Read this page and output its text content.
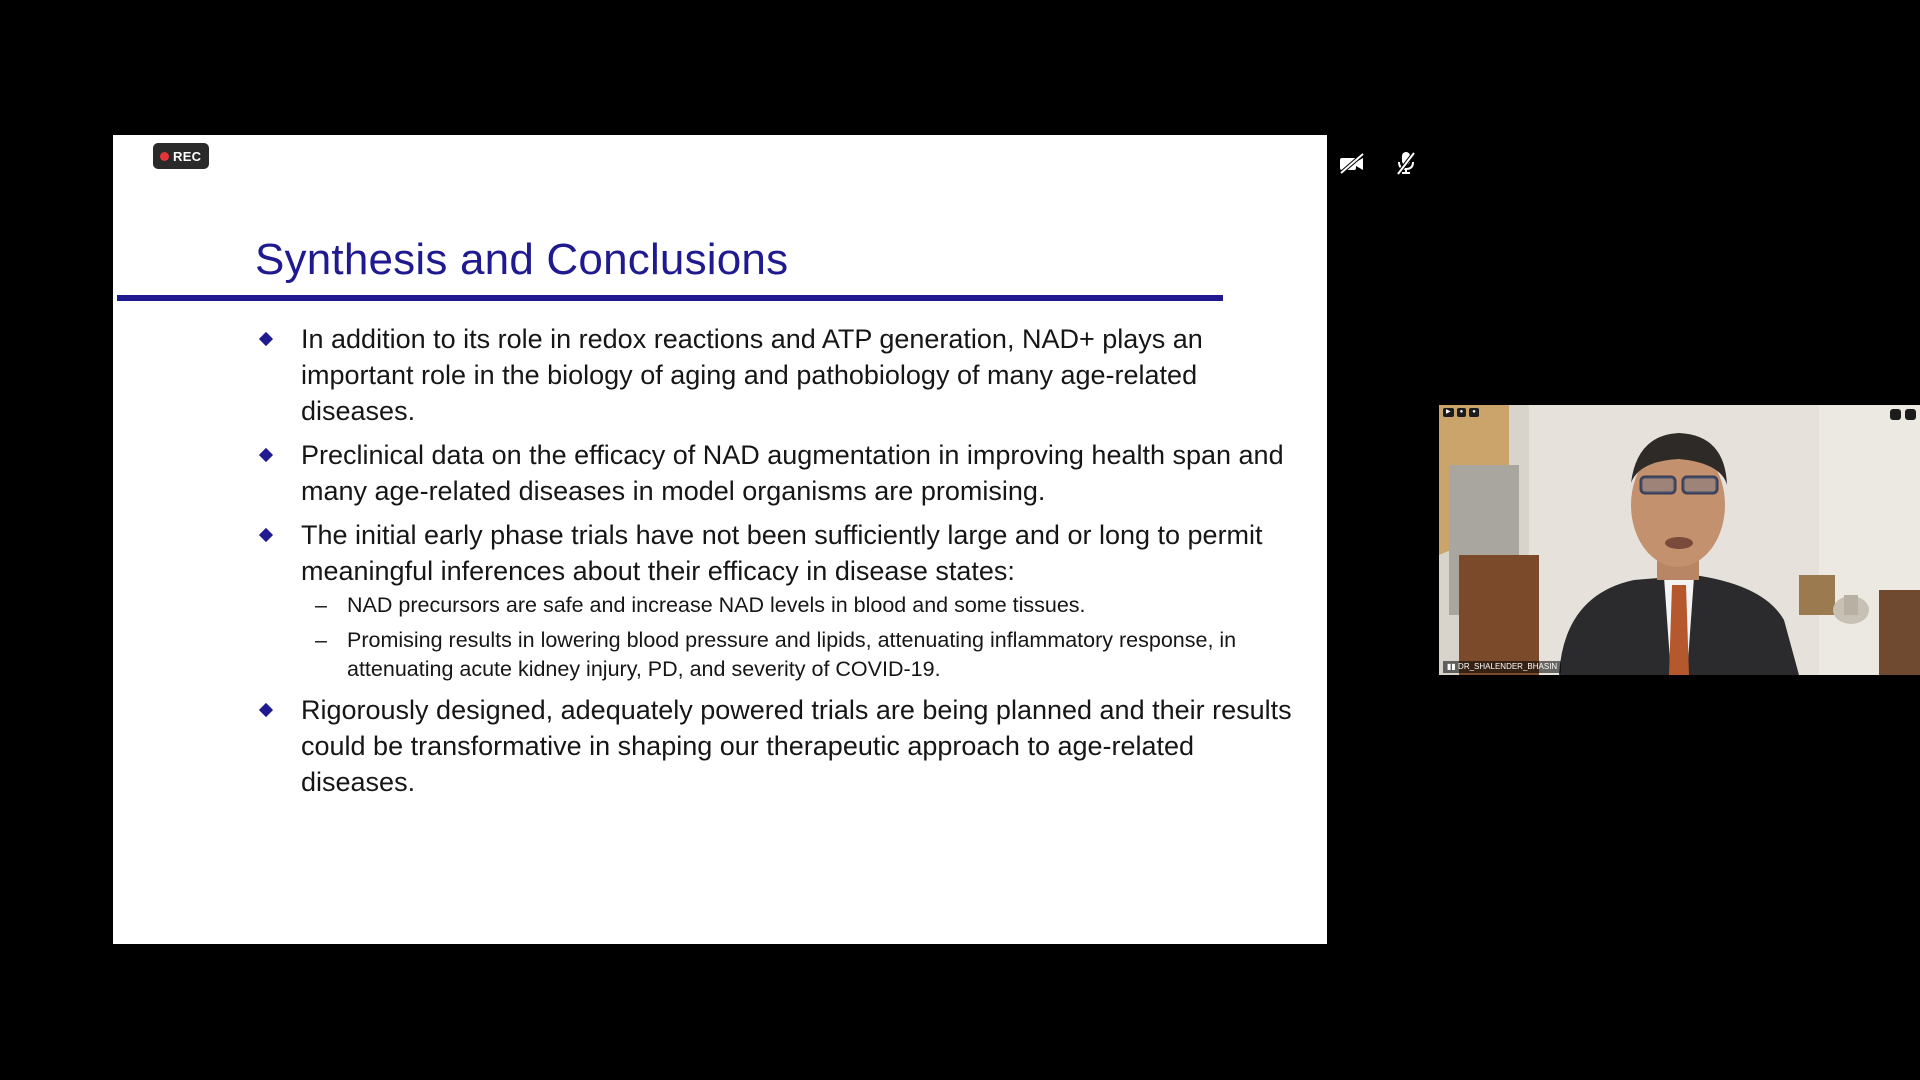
REC
Synthesis and Conclusions
In addition to its role in redox reactions and ATP generation, NAD+ plays an important role in the biology of aging and pathobiology of many age-related diseases.
Preclinical data on the efficacy of NAD augmentation in improving health span and many age-related diseases in model organisms are promising.
The initial early phase trials have not been sufficiently large and or long to permit meaningful inferences about their efficacy in disease states:
– NAD precursors are safe and increase NAD levels in blood and some tissues.
– Promising results in lowering blood pressure and lipids, attenuating inflammatory response, in attenuating acute kidney injury, PD, and severity of COVID-19.
Rigorously designed, adequately powered trials are being planned and their results could be transformative in shaping our therapeutic approach to age-related diseases.
▶	●	●
▮▮ DR_SHALENDER_BHASIN
